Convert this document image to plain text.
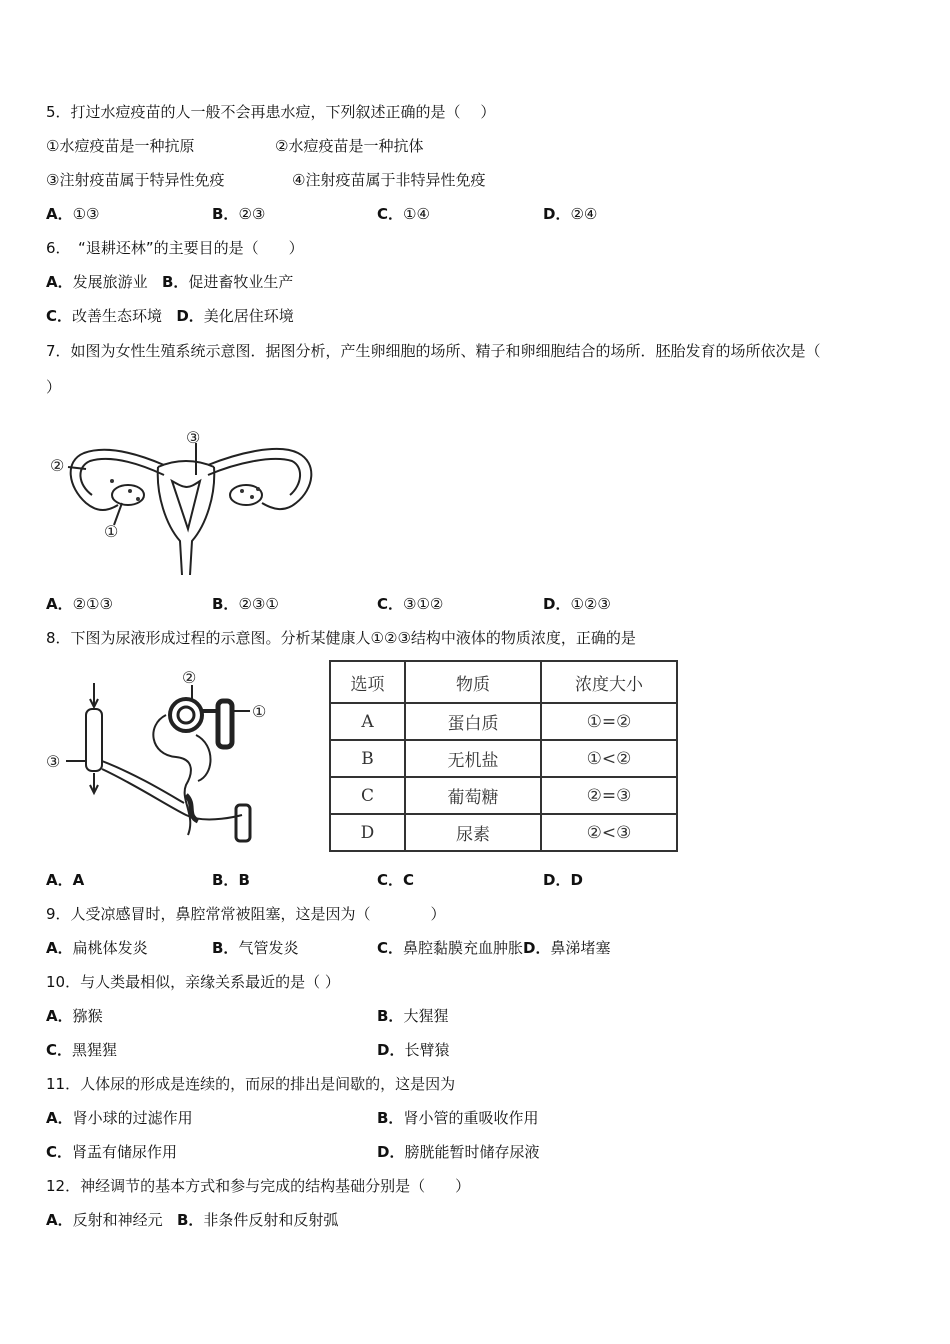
5．打过水痘疫苗的人一般不会再患水痘，下列叙述正确的是（　 ）
①水痘疫苗是一种抗原	②水痘疫苗是一种抗体
③注射疫苗属于特异性免疫	④注射疫苗属于非特异性免疫
A．①③	B．②③	C．①④	D．②④
6．　“退耕还林”的主要目的是（　　）
A．发展旅游业 B．促进畜牧业生产
C．改善生态环境 D．美化居住环境
7．如图为女性生殖系统示意图．据图分析，产生卵细胞的场所、精子和卵细胞结合的场所．胚胎发育的场所依次是（
）
③
②
①
A．②①③	B．②③①	C．③①②	D．①②③
8．下图为尿液形成过程的示意图。分析某健康人①②③结构中液体的物质浓度，正确的是
②
①
③
选项	物质	浓度大小
A	蛋白质	①=②
B	无机盐	①<②
C	葡萄糖	②=③
D	尿素	②<③
A．A	B．B	C．C	D．D
9．人受凉感冒时，鼻腔常常被阻塞，这是因为（　　　　）
A．扁桃体发炎	B．气管发炎	C．鼻腔黏膜充血肿胀D．鼻涕堵塞
10．与人类最相似，亲缘关系最近的是（ ）
A．猕猴	B．大猩猩
C．黑猩猩	D．长臂猿
11．人体尿的形成是连续的，而尿的排出是间歇的，这是因为
A．肾小球的过滤作用	B．肾小管的重吸收作用
C．肾盂有储尿作用	D．膀胱能暂时储存尿液
12．神经调节的基本方式和参与完成的结构基础分别是（　　）
A．反射和神经元 B．非条件反射和反射弧
